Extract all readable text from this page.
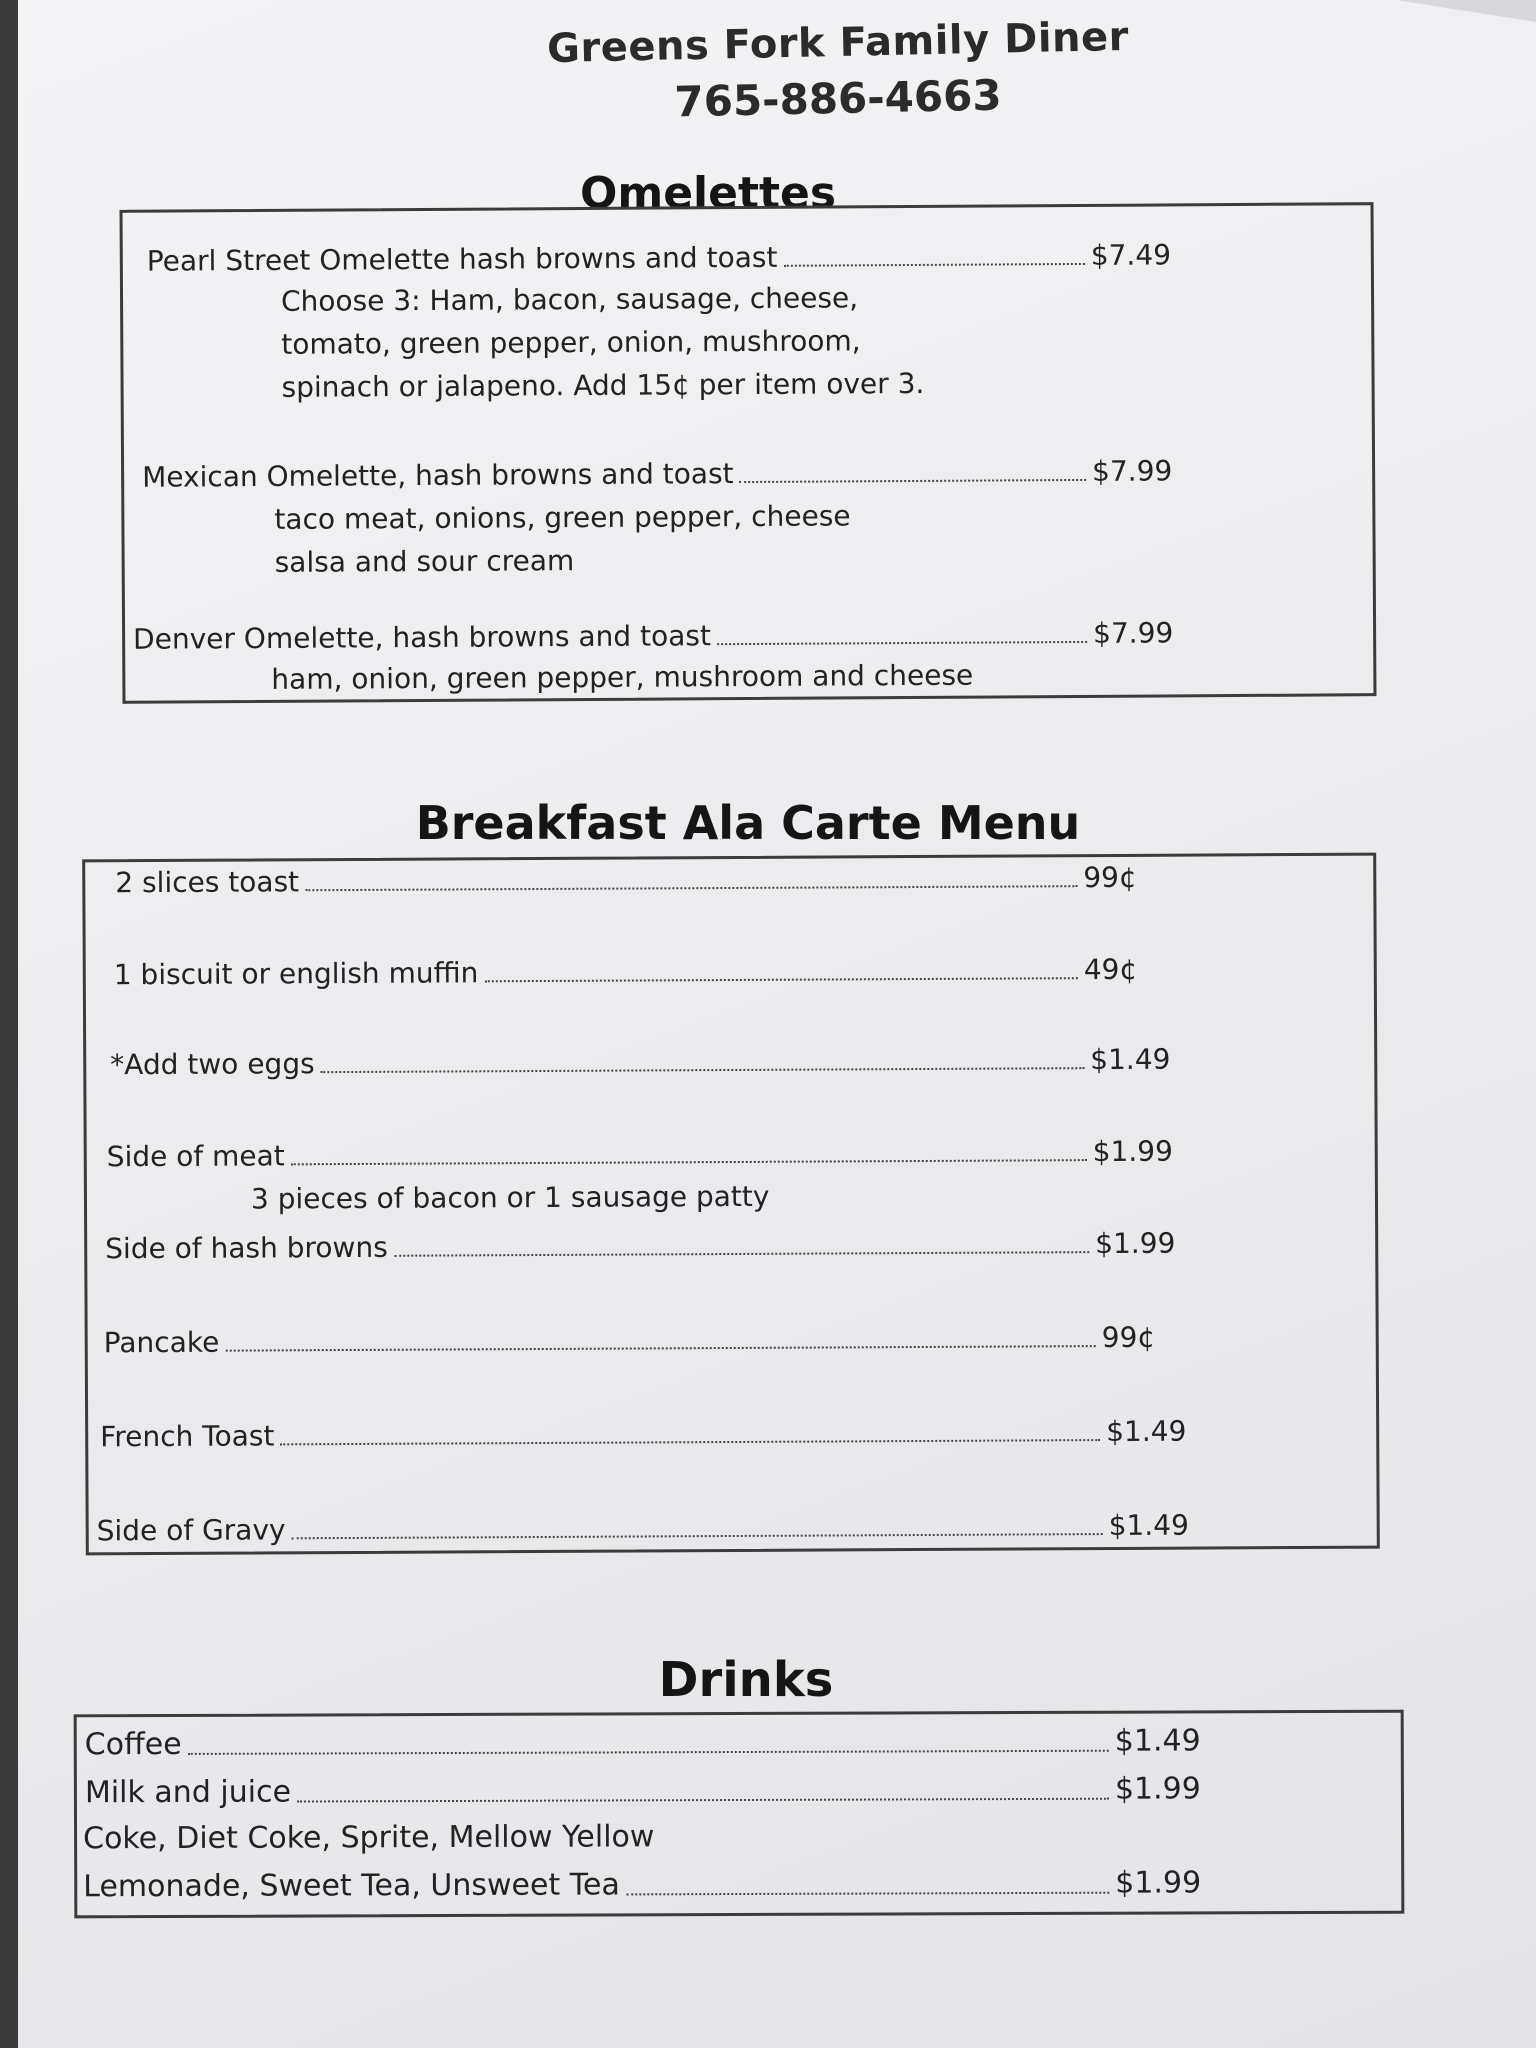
Greens Fork Family Diner
765-886-4663
Omelettes
Pearl Street Omelette hash browns and toast	$7.49
Choose 3: Ham, bacon, sausage, cheese,
tomato, green pepper, onion, mushroom,
spinach or jalapeno. Add 15¢ per item over 3.
Mexican Omelette, hash browns and toast	$7.99
taco meat, onions, green pepper, cheese
salsa and sour cream
Denver Omelette, hash browns and toast	$7.99
ham, onion, green pepper, mushroom and cheese
Breakfast Ala Carte Menu
2 slices toast	99¢
1 biscuit or english muffin	49¢
*Add two eggs	$1.49
Side of meat	$1.99
3 pieces of bacon or 1 sausage patty
Side of hash browns	$1.99
Pancake	99¢
French Toast	$1.49
Side of Gravy	$1.49
Drinks
Coffee	$1.49
Milk and juice	$1.99
Coke, Diet Coke, Sprite, Mellow Yellow
Lemonade, Sweet Tea, Unsweet Tea	$1.99
